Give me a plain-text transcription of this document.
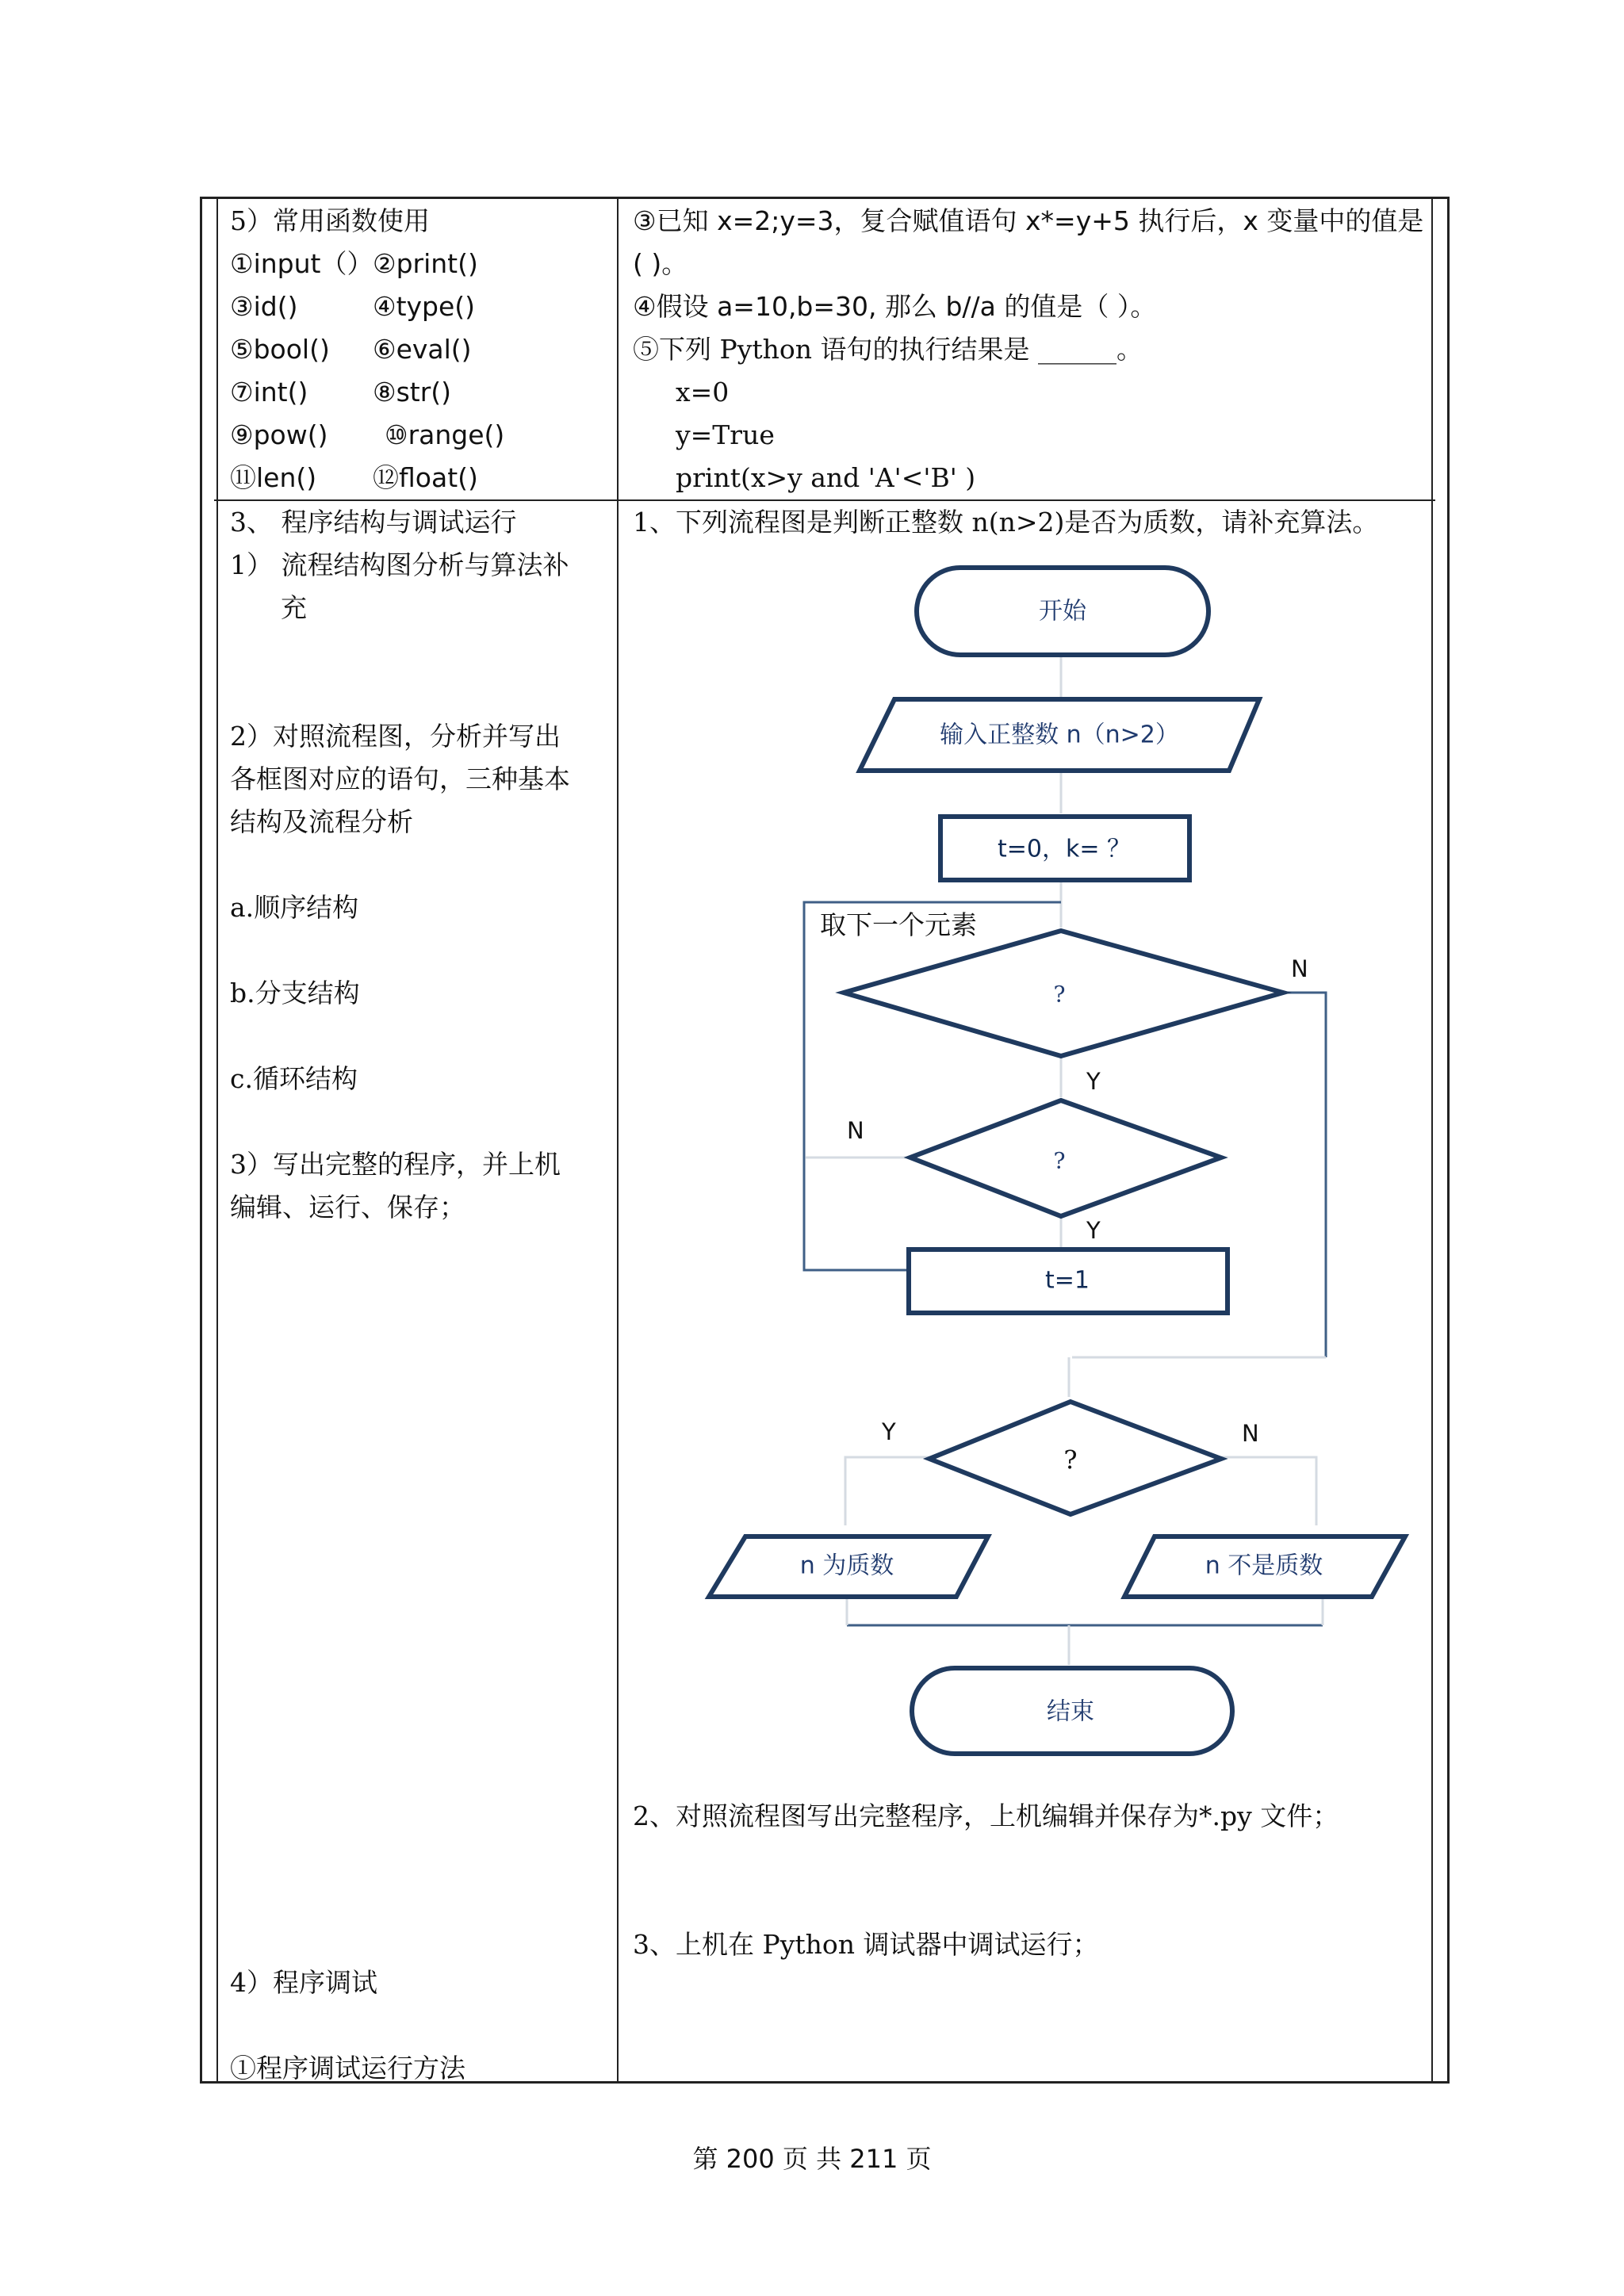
5）常用函数使用
①input（）②print()
③id()	④type()
⑤bool() ⑥eval()
⑦int() ⑧str()
⑨pow() ⑩range()
⑪len() ⑫float()
③已知 x=2;y=3，复合赋值语句 x*=y+5 执行后，x 变量中的值是
( )。
④假设 a=10,b=30, 那么 b//a 的值是（ ）。
⑤下列 Python 语句的执行结果是 ______。
x=0
y=True
print(x>y and 'A'<'B' )
3、 程序结构与调试运行
1） 流程结构图分析与算法补
充
2）对照流程图，分析并写出
各框图对应的语句，三种基本
结构及流程分析
a.顺序结构
b.分支结构
c.循环结构
3）写出完整的程序，并上机
编辑、运行、保存；
4）程序调试
①程序调试运行方法
1、下列流程图是判断正整数 n(n>2)是否为质数，请补充算法。
2、对照流程图写出完整程序，上机编辑并保存为*.py 文件；
3、上机在 Python 调试器中调试运行；
开始
输入正整数 n（n>2）
t=0，k= ？
?
?
t=1
?
n 为质数	n 不是质数
结束
取下一个元素
N
Y
N
Y
Y	N
第 200 页 共 211 页
